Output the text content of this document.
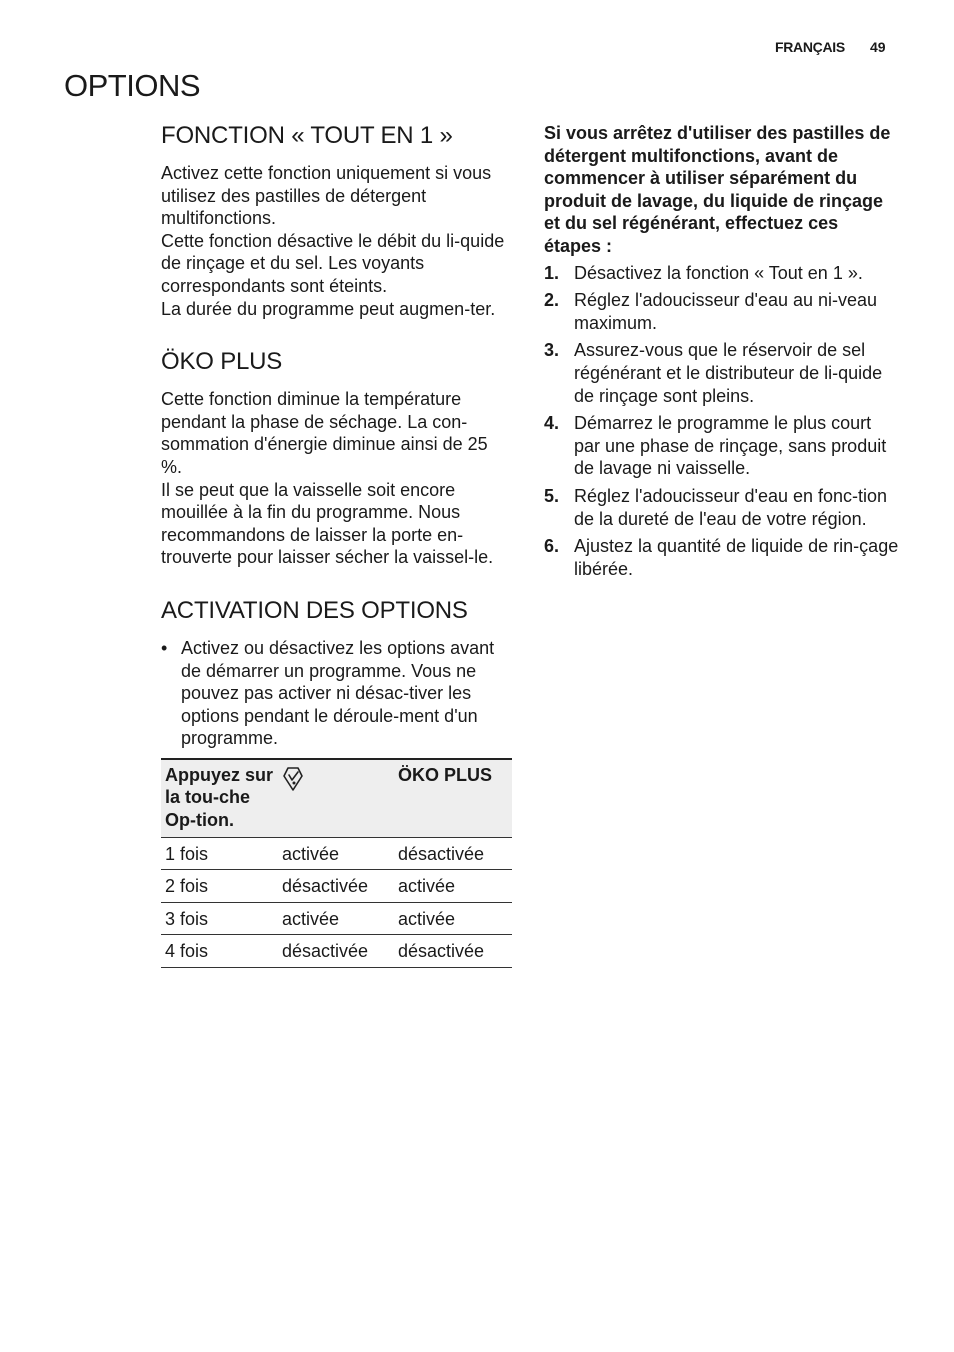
FRANÇAIS 49
OPTIONS
FONCTION « TOUT EN 1 »

Activez cette fonction uniquement si vous utilisez des pastilles de détergent multifonctions.

Cette fonction désactive le débit du li-quide de rinçage et du sel. Les voyants correspondants sont éteints.

La durée du programme peut augmen-ter.

ÖKO PLUS

Cette fonction diminue la température pendant la phase de séchage. La con-sommation d'énergie diminue ainsi de 25 %.

Il se peut que la vaisselle soit encore mouillée à la fin du programme. Nous recommandons de laisser la porte en-trouverte pour laisser sécher la vaissel-le.

ACTIVATION DES OPTIONS
• Activez ou désactivez les options avant de démarrer un programme. Vous ne pouvez pas activer ni désac-tiver les options pendant le déroule-ment d'un programme.
Appuyez sur la tou-che Op-tion.		ÖKO PLUS
1 fois	activée	désactivée
2 fois	désactivée	activée
3 fois	activée	activée
4 fois	désactivée	désactivée

Si vous arrêtez d'utiliser des pastilles de détergent multifonctions, avant de commencer à utiliser séparément du produit de lavage, du liquide de rinçage et du sel régénérant, effectuez ces étapes :

1. Désactivez la fonction « Tout en 1 ».
2. Réglez l'adoucisseur d'eau au ni-veau maximum.
3. Assurez-vous que le réservoir de sel régénérant et le distributeur de li-quide de rinçage sont pleins.
4. Démarrez le programme le plus court par une phase de rinçage, sans produit de lavage ni vaisselle.
5. Réglez l'adoucisseur d'eau en fonc-tion de la dureté de l'eau de votre région.
6. Ajustez la quantité de liquide de rin-çage libérée.
